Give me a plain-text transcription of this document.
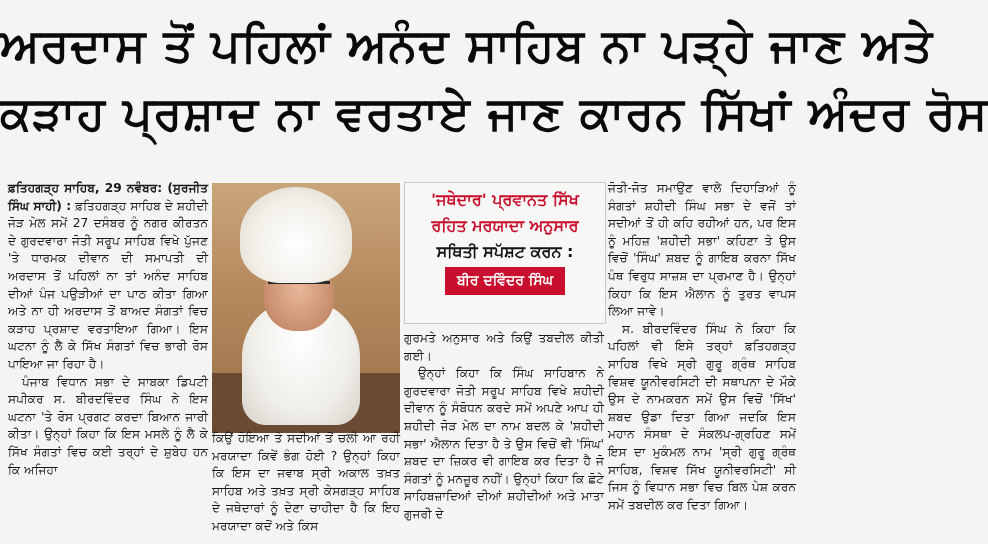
ਅਰਦਾਸ ਤੋਂ ਪਹਿਲਾਂ ਅਨੰਦ ਸਾਹਿਬ ਨਾ ਪੜ੍ਹੇ ਜਾਣ ਅਤੇ
ਕੜਾਹ ਪ੍ਰਸ਼ਾਦ ਨਾ ਵਰਤਾਏ ਜਾਣ ਕਾਰਨ ਸਿੱਖਾਂ ਅੰਦਰ ਰੋਸ

ਫ਼ਤਿਹਗੜ੍ਹ ਸਾਹਿਬ, 29 ਨਵੰਬਰ: (ਸੁਰਜੀਤ ਸਿੰਘ ਸਾਹੀ) : ਫ਼ਤਿਹਗੜ੍ਹ ਸਾਹਿਬ ਦੇ ਸ਼ਹੀਦੀ ਜੋੜ ਮੇਲ ਸਮੇਂ 27 ਦਸੰਬਰ ਨੂੰ ਨਗਰ ਕੀਰਤਨ ਦੇ ਗੁਰਦਵਾਰਾ ਜੋਤੀ ਸਰੂਪ ਸਾਹਿਬ ਵਿਖੇ ਪੁੱਜਣ 'ਤੇ ਧਾਰਮਕ ਦੀਵਾਨ ਦੀ ਸਮਾਪਤੀ ਦੀ ਅਰਦਾਸ ਤੋਂ ਪਹਿਲਾਂ ਨਾ ਤਾਂ ਅਨੰਦ ਸਾਹਿਬ ਦੀਆਂ ਪੰਜ ਪਉੜੀਆਂ ਦਾ ਪਾਠ ਕੀਤਾ ਗਿਆ ਅਤੇ ਨਾ ਹੀ ਅਰਦਾਸ ਤੋਂ ਬਾਅਦ ਸੰਗਤਾਂ ਵਿਚ ਕੜਾਹ ਪ੍ਰਸ਼ਾਦ ਵਰਤਾਇਆ ਗਿਆ। ਇਸ ਘਟਨਾ ਨੂੰ ਲੈ ਕੇ ਸਿੱਖ ਸੰਗਤਾਂ ਵਿਚ ਭਾਰੀ ਰੋਸ ਪਾਇਆ ਜਾ ਰਿਹਾ ਹੈ।

ਪੰਜਾਬ ਵਿਧਾਨ ਸਭਾ ਦੇ ਸਾਬਕਾ ਡਿਪਟੀ ਸਪੀਕਰ ਸ. ਬੀਰਦਵਿੰਦਰ ਸਿੰਘ ਨੇ ਇਸ ਘਟਨਾ 'ਤੇ ਰੋਸ ਪ੍ਰਗਟ ਕਰਦਾ ਬਿਆਨ ਜਾਰੀ ਕੀਤਾ। ਉਨ੍ਹਾਂ ਕਿਹਾ ਕਿ ਇਸ ਮਸਲੇ ਨੂੰ ਲੈ ਕੇ ਸਿੱਖ ਸੰਗਤਾਂ ਵਿਚ ਕਈ ਤਰ੍ਹਾਂ ਦੇ ਸ਼ੁਬੇਹ ਹਨ ਕਿ ਅਜਿਹਾ

ਕਿਉਂ ਹੋਇਆ ਤੇ ਸਦੀਆਂ ਤੋਂ ਚਲੀ ਆ ਰਹੀ ਮਰਯਾਦਾ ਕਿਵੇਂ ਭੰਗ ਹੋਈ ? ਉਨ੍ਹਾਂ ਕਿਹਾ ਕਿ ਇਸ ਦਾ ਜਵਾਬ ਸ੍ਰੀ ਅਕਾਲ ਤਖ਼ਤ ਸਾਹਿਬ ਅਤੇ ਤਖ਼ਤ ਸ੍ਰੀ ਕੇਸਗੜ੍ਹ ਸਾਹਿਬ ਦੇ ਜਥੇਦਾਰਾਂ ਨੂੰ ਦੇਣਾ ਚਾਹੀਦਾ ਹੈ ਕਿ ਇਹ ਮਰਯਾਦਾ ਕਦੋਂ ਅਤੇ ਕਿਸ

'ਜਥੇਦਾਰ' ਪ੍ਰਵਾਨਤ ਸਿੱਖ
ਰਹਿਤ ਮਰਯਾਦਾ ਅਨੁਸਾਰ
ਸਥਿਤੀ ਸਪੱਸ਼ਟ ਕਰਨ :
ਬੀਰ ਦਵਿੰਦਰ ਸਿੰਘ

ਗੁਰਮਤੇ ਅਨੁਸਾਰ ਅਤੇ ਕਿਉਂ ਤਬਦੀਲ ਕੀਤੀ ਗਈ।

ਉਨ੍ਹਾਂ ਕਿਹਾ ਕਿ ਸਿੰਘ ਸਾਹਿਬਾਨ ਨੇ ਗੁਰਦਵਾਰਾ ਜੋਤੀ ਸਰੂਪ ਸਾਹਿਬ ਵਿਖੇ ਸ਼ਹੀਦੀ ਦੀਵਾਨ ਨੂੰ ਸੰਬੋਧਨ ਕਰਦੇ ਸਮੇਂ ਅਪਣੇ ਆਪ ਹੀ ਸ਼ਹੀਦੀ ਜੋੜ ਮੇਲ ਦਾ ਨਾਮ ਬਦਲ ਕੇ 'ਸ਼ਹੀਦੀ ਸਭਾ' ਐਲਾਨ ਦਿਤਾ ਹੈ ਤੇ ਉਸ ਵਿਚੋਂ ਵੀ 'ਸਿੰਘ' ਸ਼ਬਦ ਦਾ ਜ਼ਿਕਰ ਵੀ ਗਾਇਬ ਕਰ ਦਿਤਾ ਹੈ ਜੋ ਸੰਗਤਾਂ ਨੂੰ ਮਨਜ਼ੂਰ ਨਹੀਂ। ਉਨ੍ਹਾਂ ਕਿਹਾ ਕਿ ਛੋਟੇ ਸਾਹਿਬਜ਼ਾਦਿਆਂ ਦੀਆਂ ਸ਼ਹੀਦੀਆਂ ਅਤੇ ਮਾਤਾ ਗੁਜਰੀ ਦੇ

ਜੋਤੀ-ਜੋਤ ਸਮਾਉਣ ਵਾਲੇ ਦਿਹਾੜਿਆਂ ਨੂੰ ਸੰਗਤਾਂ ਸ਼ਹੀਦੀ ਸਿੰਘ ਸਭਾ ਦੇ ਵਜੋਂ ਤਾਂ ਸਦੀਆਂ ਤੋਂ ਹੀ ਕਹਿ ਰਹੀਆਂ ਹਨ, ਪਰ ਇਸ ਨੂੰ ਮਹਿਜ਼ 'ਸ਼ਹੀਦੀ ਸਭਾ' ਕਹਿਣਾ ਤੇ ਉਸ ਵਿਚੋਂ 'ਸਿੰਘ' ਸ਼ਬਦ ਨੂੰ ਗਾਇਬ ਕਰਨਾ ਸਿੱਖ ਪੰਥ ਵਿਰੁਧ ਸਾਜ਼ਸ਼ ਦਾ ਪ੍ਰਮਾਣ ਹੈ। ਉਨ੍ਹਾਂ ਕਿਹਾ ਕਿ ਇਸ ਐਲਾਨ ਨੂੰ ਤੁਰਤ ਵਾਪਸ ਲਿਆ ਜਾਵੇ।

ਸ. ਬੀਰਦਵਿੰਦਰ ਸਿੰਘ ਨੇ ਕਿਹਾ ਕਿ ਪਹਿਲਾਂ ਵੀ ਇਸੇ ਤਰ੍ਹਾਂ ਫ਼ਤਿਹਗੜ੍ਹ ਸਾਹਿਬ ਵਿਖੇ ਸ੍ਰੀ ਗੁਰੂ ਗ੍ਰੰਥ ਸਾਹਿਬ ਵਿਸ਼ਵ ਯੂਨੀਵਰਸਿਟੀ ਦੀ ਸਥਾਪਨਾ ਦੇ ਮੌਕੇ ਉਸ ਦੇ ਨਾਮਕਰਨ ਸਮੇਂ ਉਸ ਵਿਚੋਂ 'ਸਿੱਖ' ਸ਼ਬਦ ਉਡਾ ਦਿਤਾ ਗਿਆ ਜਦਕਿ ਇਸ ਮਹਾਨ ਸੰਸਥਾ ਦੇ ਸੰਕਲਪ-ਗ੍ਰਹਿਣ ਸਮੇਂ ਇਸ ਦਾ ਮੁਕੰਮਲ ਨਾਮ 'ਸ੍ਰੀ ਗੁਰੂ ਗ੍ਰੰਥ ਸਾਹਿਬ, ਵਿਸ਼ਵ ਸਿੱਖ ਯੂਨੀਵਰਸਿਟੀ' ਸੀ ਜਿਸ ਨੂੰ ਵਿਧਾਨ ਸਭਾ ਵਿਚ ਬਿਲ ਪੇਸ਼ ਕਰਨ ਸਮੇਂ ਤਬਦੀਲ ਕਰ ਦਿਤਾ ਗਿਆ।
